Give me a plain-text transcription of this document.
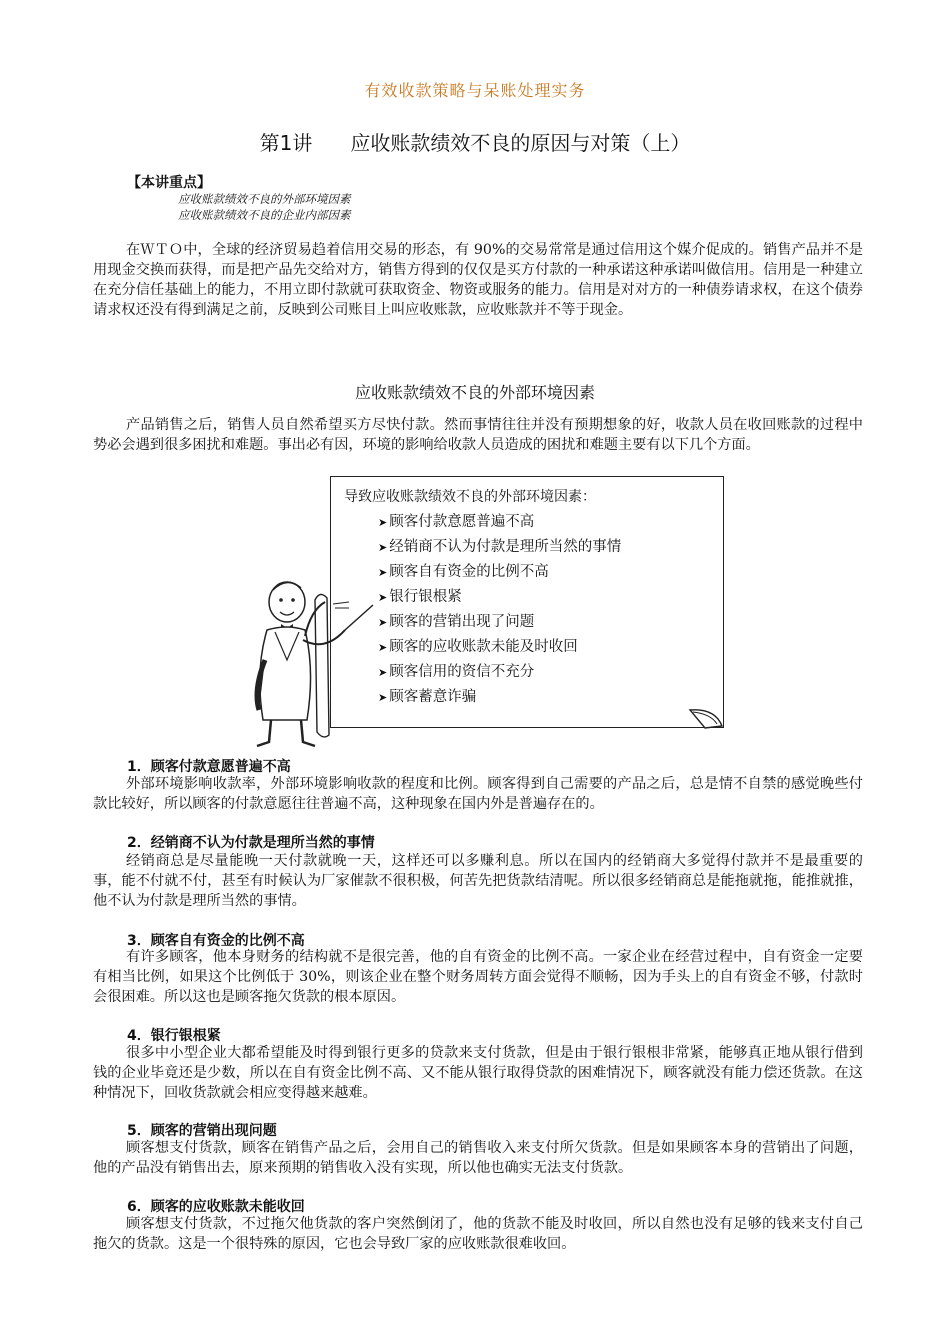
有效收款策略与呆账处理实务
第1讲 应收账款绩效不良的原因与对策（上）
【本讲重点】
应收账款绩效不良的外部环境因素
应收账款绩效不良的企业内部因素

在ＷＴＯ中，全球的经济贸易趋着信用交易的形态，有 90%的交易常常是通过信用这个媒介促成的。销售产品并不是用现金交换而获得，而是把产品先交给对方，销售方得到的仅仅是买方付款的一种承诺这种承诺叫做信用。信用是一种建立在充分信任基础上的能力，不用立即付款就可获取资金、物资或服务的能力。信用是对对方的一种债券请求权，在这个债券请求权还没有得到满足之前，反映到公司账目上叫应收账款，应收账款并不等于现金。

应收账款绩效不良的外部环境因素

产品销售之后，销售人员自然希望买方尽快付款。然而事情往往并没有预期想象的好，收款人员在收回账款的过程中势必会遇到很多困扰和难题。事出必有因，环境的影响给收款人员造成的困扰和难题主要有以下几个方面。

导致应收账款绩效不良的外部环境因素：
➤ 顾客付款意愿普遍不高
➤ 经销商不认为付款是理所当然的事情
➤ 顾客自有资金的比例不高
➤ 银行银根紧
➤ 顾客的营销出现了问题
➤ 顾客的应收账款未能及时收回
➤ 顾客信用的资信不充分
➤ 顾客蓄意诈骗
1．顾客付款意愿普遍不高

外部环境影响收款率，外部环境影响收款的程度和比例。顾客得到自己需要的产品之后，总是情不自禁的感觉晚些付款比较好，所以顾客的付款意愿往往普遍不高，这种现象在国内外是普遍存在的。

2．经销商不认为付款是理所当然的事情

经销商总是尽量能晚一天付款就晚一天，这样还可以多赚利息。所以在国内的经销商大多觉得付款并不是最重要的事，能不付就不付，甚至有时候认为厂家催款不很积极，何苦先把货款结清呢。所以很多经销商总是能拖就拖，能推就推，他不认为付款是理所当然的事情。

3．顾客自有资金的比例不高

有许多顾客，他本身财务的结构就不是很完善，他的自有资金的比例不高。一家企业在经营过程中，自有资金一定要有相当比例，如果这个比例低于 30%，则该企业在整个财务周转方面会觉得不顺畅，因为手头上的自有资金不够，付款时会很困难。所以这也是顾客拖欠货款的根本原因。

4．银行银根紧

很多中小型企业大都希望能及时得到银行更多的贷款来支付货款，但是由于银行银根非常紧，能够真正地从银行借到钱的企业毕竟还是少数，所以在自有资金比例不高、又不能从银行取得贷款的困难情况下，顾客就没有能力偿还货款。在这种情况下，回收货款就会相应变得越来越难。

5．顾客的营销出现问题

顾客想支付货款，顾客在销售产品之后，会用自己的销售收入来支付所欠货款。但是如果顾客本身的营销出了问题，他的产品没有销售出去，原来预期的销售收入没有实现，所以他也确实无法支付货款。

6．顾客的应收账款未能收回

顾客想支付货款，不过拖欠他货款的客户突然倒闭了，他的货款不能及时收回，所以自然也没有足够的钱来支付自己拖欠的货款。这是一个很特殊的原因，它也会导致厂家的应收账款很难收回。
